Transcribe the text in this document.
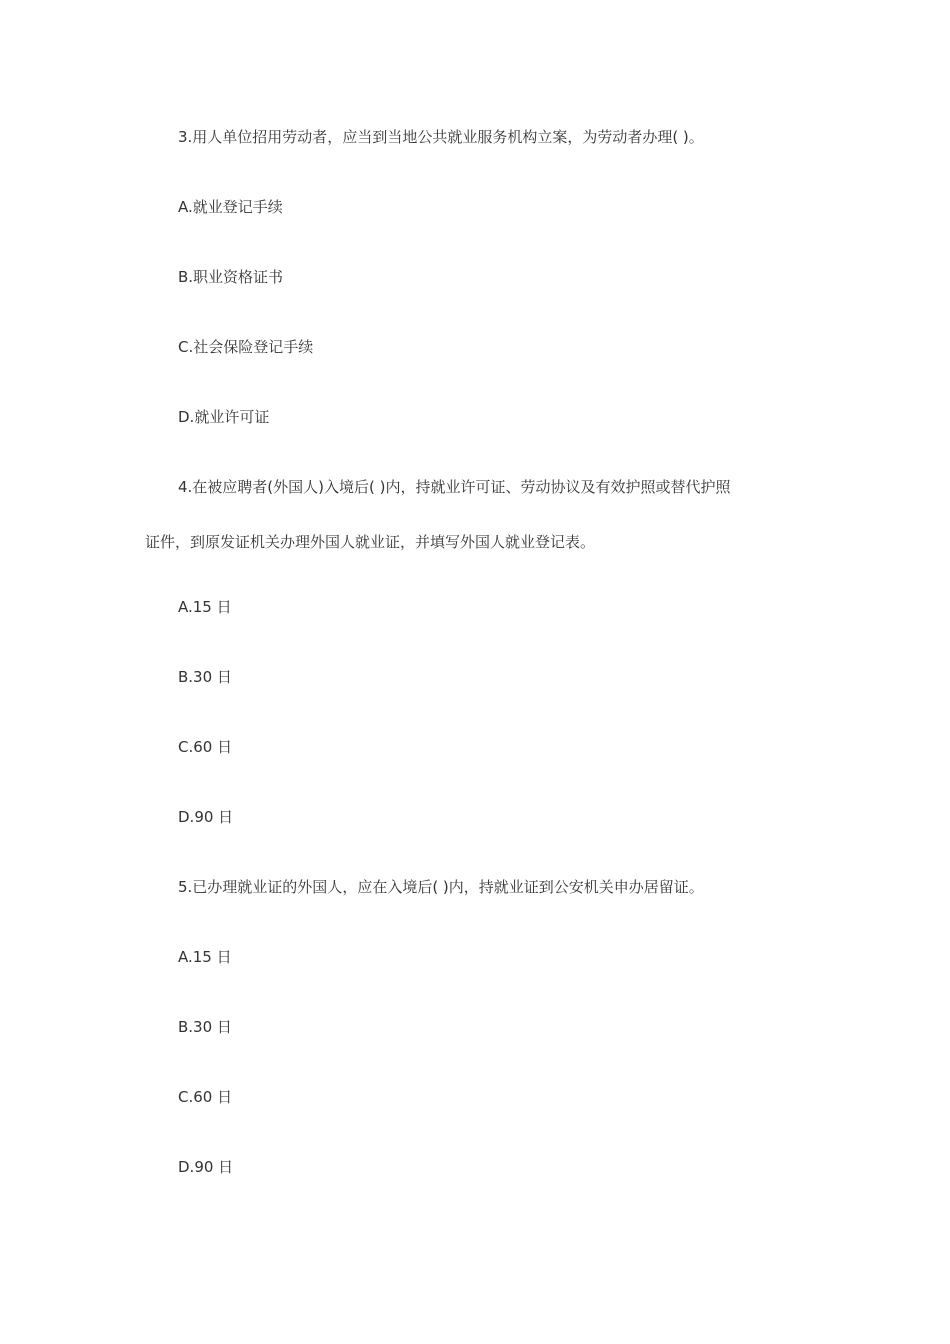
3.用人单位招用劳动者，应当到当地公共就业服务机构立案，为劳动者办理( )。
A.就业登记手续
B.职业资格证书
C.社会保险登记手续
D.就业许可证
4.在被应聘者(外国人)入境后( )内，持就业许可证、劳动协议及有效护照或替代护照
证件，到原发证机关办理外国人就业证，并填写外国人就业登记表。
A.15 日
B.30 日
C.60 日
D.90 日
5.已办理就业证的外国人，应在入境后( )内，持就业证到公安机关申办居留证。
A.15 日
B.30 日
C.60 日
D.90 日
